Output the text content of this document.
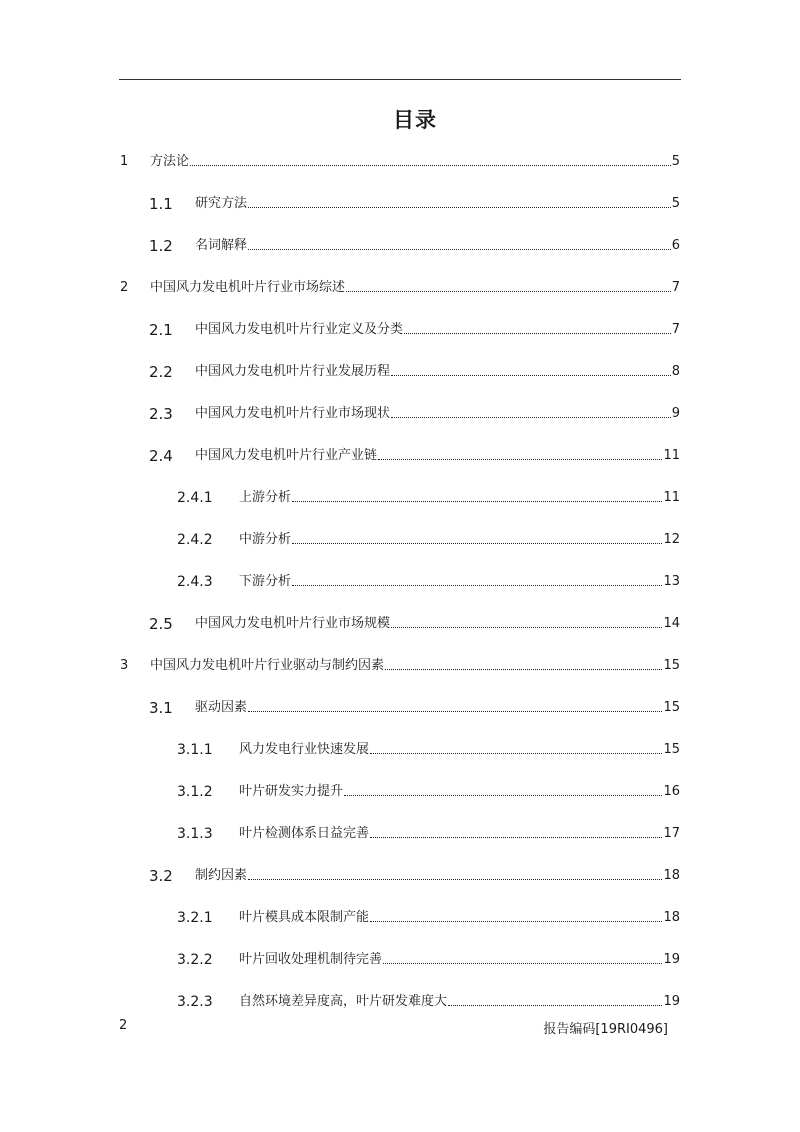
目录
1	方法论	5
1.1	研究方法	5
1.2	名词解释	6
2	中国风力发电机叶片行业市场综述	7
2.1	中国风力发电机叶片行业定义及分类	7
2.2	中国风力发电机叶片行业发展历程	8
2.3	中国风力发电机叶片行业市场现状	9
2.4	中国风力发电机叶片行业产业链	11
2.4.1	上游分析	11
2.4.2	中游分析	12
2.4.3	下游分析	13
2.5	中国风力发电机叶片行业市场规模	14
3	中国风力发电机叶片行业驱动与制约因素	15
3.1	驱动因素	15
3.1.1	风力发电行业快速发展	15
3.1.2	叶片研发实力提升	16
3.1.3	叶片检测体系日益完善	17
3.2	制约因素	18
3.2.1	叶片模具成本限制产能	18
3.2.2	叶片回收处理机制待完善	19
3.2.3	自然环境差异度高，叶片研发难度大	19
2	报告编码[19RI0496]
